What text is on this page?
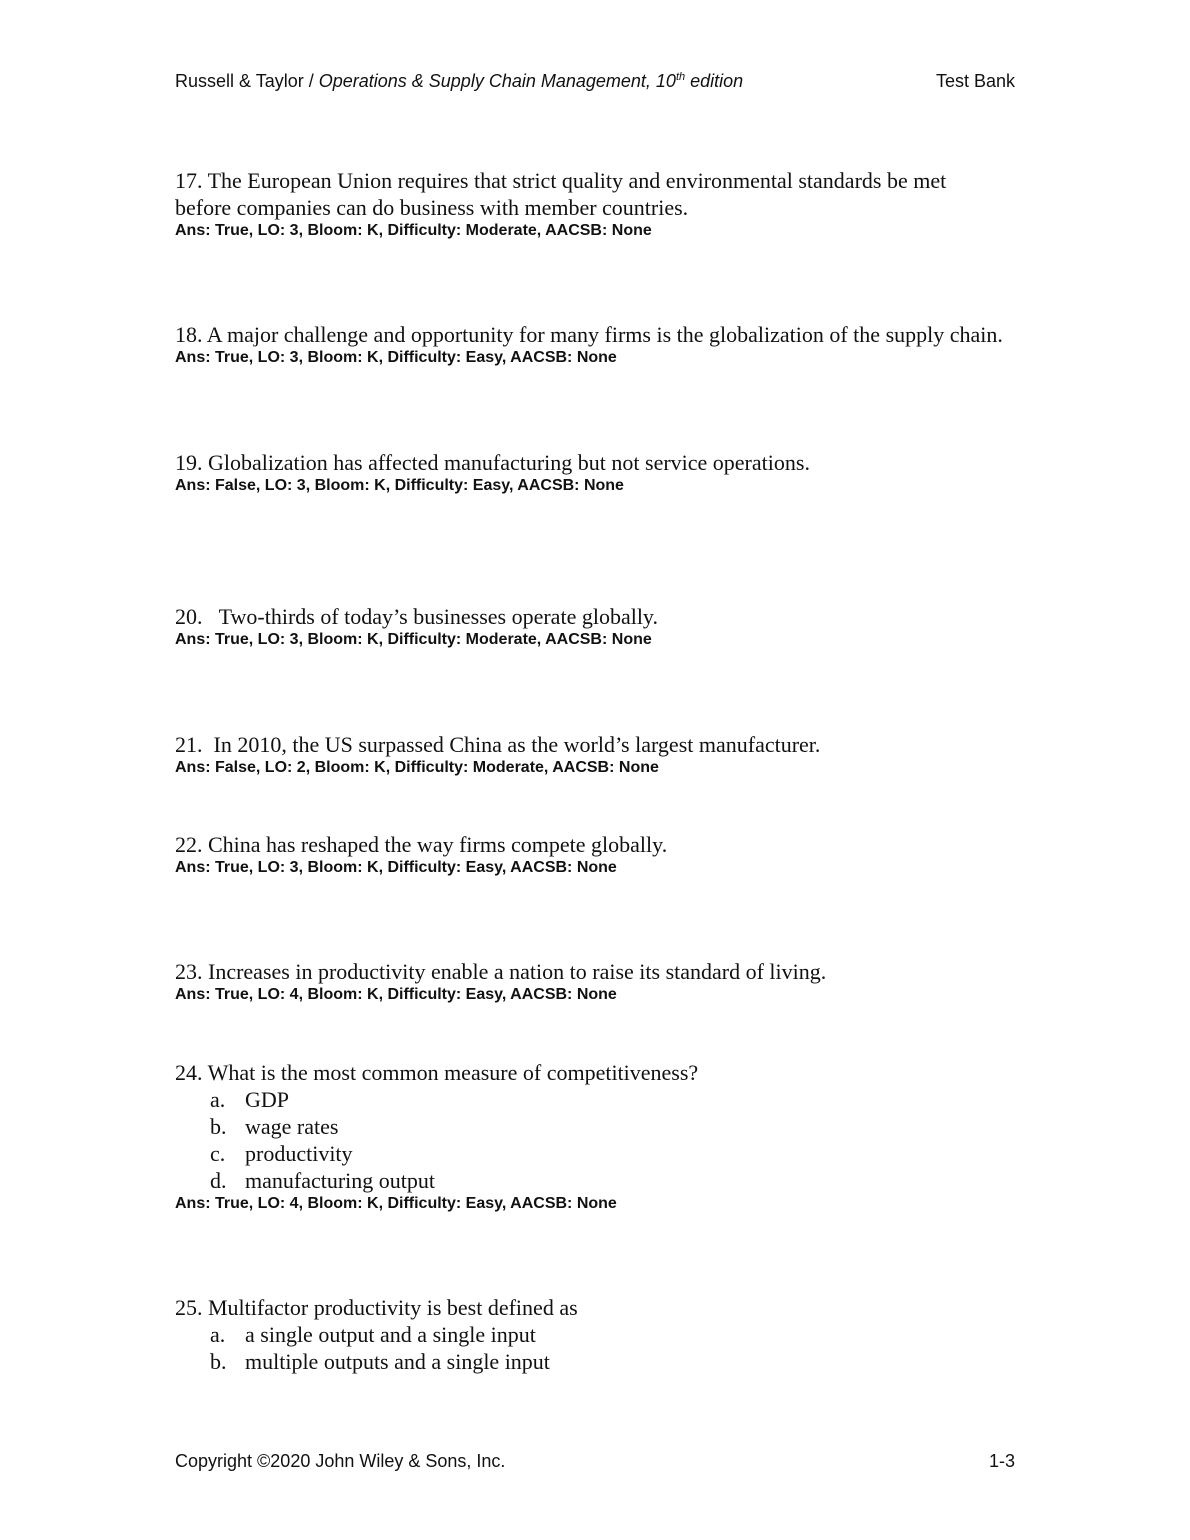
Russell & Taylor / Operations & Supply Chain Management, 10th edition	Test Bank

17. The European Union requires that strict quality and environmental standards be met before companies can do business with member countries.

Ans: True, LO: 3, Bloom: K, Difficulty: Moderate, AACSB: None

18. A major challenge and opportunity for many firms is the globalization of the supply chain.

Ans: True, LO: 3, Bloom: K, Difficulty: Easy, AACSB: None

19. Globalization has affected manufacturing but not service operations.

Ans: False, LO: 3, Bloom: K, Difficulty: Easy, AACSB: None

20.   Two-thirds of today’s businesses operate globally.

Ans: True, LO: 3, Bloom: K, Difficulty: Moderate, AACSB: None

21.  In 2010, the US surpassed China as the world’s largest manufacturer.

Ans: False, LO: 2, Bloom: K, Difficulty: Moderate, AACSB: None

22. China has reshaped the way firms compete globally.

Ans: True, LO: 3, Bloom: K, Difficulty: Easy, AACSB: None

23. Increases in productivity enable a nation to raise its standard of living.

Ans: True, LO: 4, Bloom: K, Difficulty: Easy, AACSB: None

24. What is the most common measure of competitiveness?

a. GDP
b. wage rates
c. productivity
d. manufacturing output

Ans: True, LO: 4, Bloom: K, Difficulty: Easy, AACSB: None

25. Multifactor productivity is best defined as

a. a single output and a single input
b. multiple outputs and a single input
Copyright ©2020 John Wiley & Sons, Inc.	1-3
